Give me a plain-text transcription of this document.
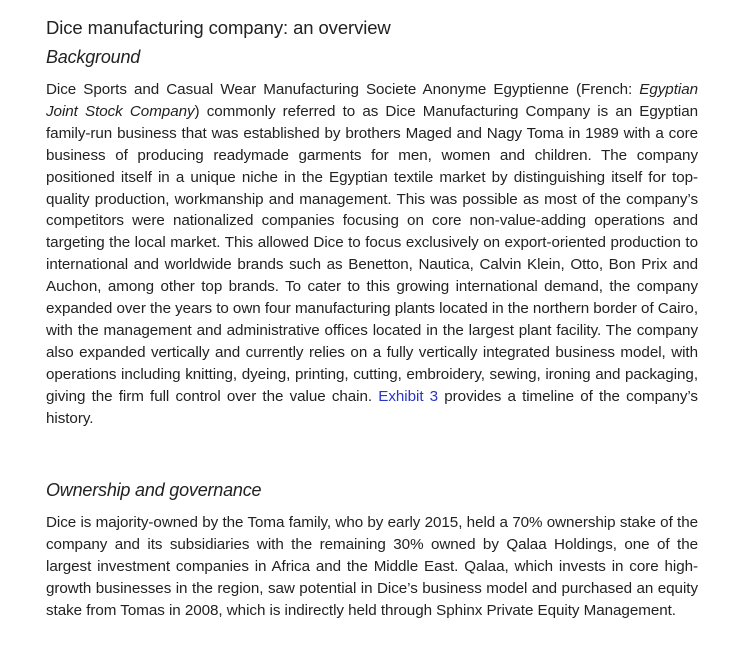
Dice manufacturing company: an overview
Background

Dice Sports and Casual Wear Manufacturing Societe Anonyme Egyptienne (French: Egyptian Joint Stock Company) commonly referred to as Dice Manufacturing Company is an Egyptian family-run business that was established by brothers Maged and Nagy Toma in 1989 with a core business of producing readymade garments for men, women and children. The company positioned itself in a unique niche in the Egyptian textile market by distinguishing itself for top-quality production, workmanship and management. This was possible as most of the company’s competitors were nationalized companies focusing on core non-value-adding operations and targeting the local market. This allowed Dice to focus exclusively on export-oriented production to international and worldwide brands such as Benetton, Nautica, Calvin Klein, Otto, Bon Prix and Auchon, among other top brands. To cater to this growing international demand, the company expanded over the years to own four manufacturing plants located in the northern border of Cairo, with the management and administrative offices located in the largest plant facility. The company also expanded vertically and currently relies on a fully vertically integrated business model, with operations including knitting, dyeing, printing, cutting, embroidery, sewing, ironing and packaging, giving the firm full control over the value chain. Exhibit 3 provides a timeline of the company’s history.

Ownership and governance

Dice is majority-owned by the Toma family, who by early 2015, held a 70% ownership stake of the company and its subsidiaries with the remaining 30% owned by Qalaa Holdings, one of the largest investment companies in Africa and the Middle East. Qalaa, which invests in core high-growth businesses in the region, saw potential in Dice’s business model and purchased an equity stake from Tomas in 2008, which is indirectly held through Sphinx Private Equity Management.
